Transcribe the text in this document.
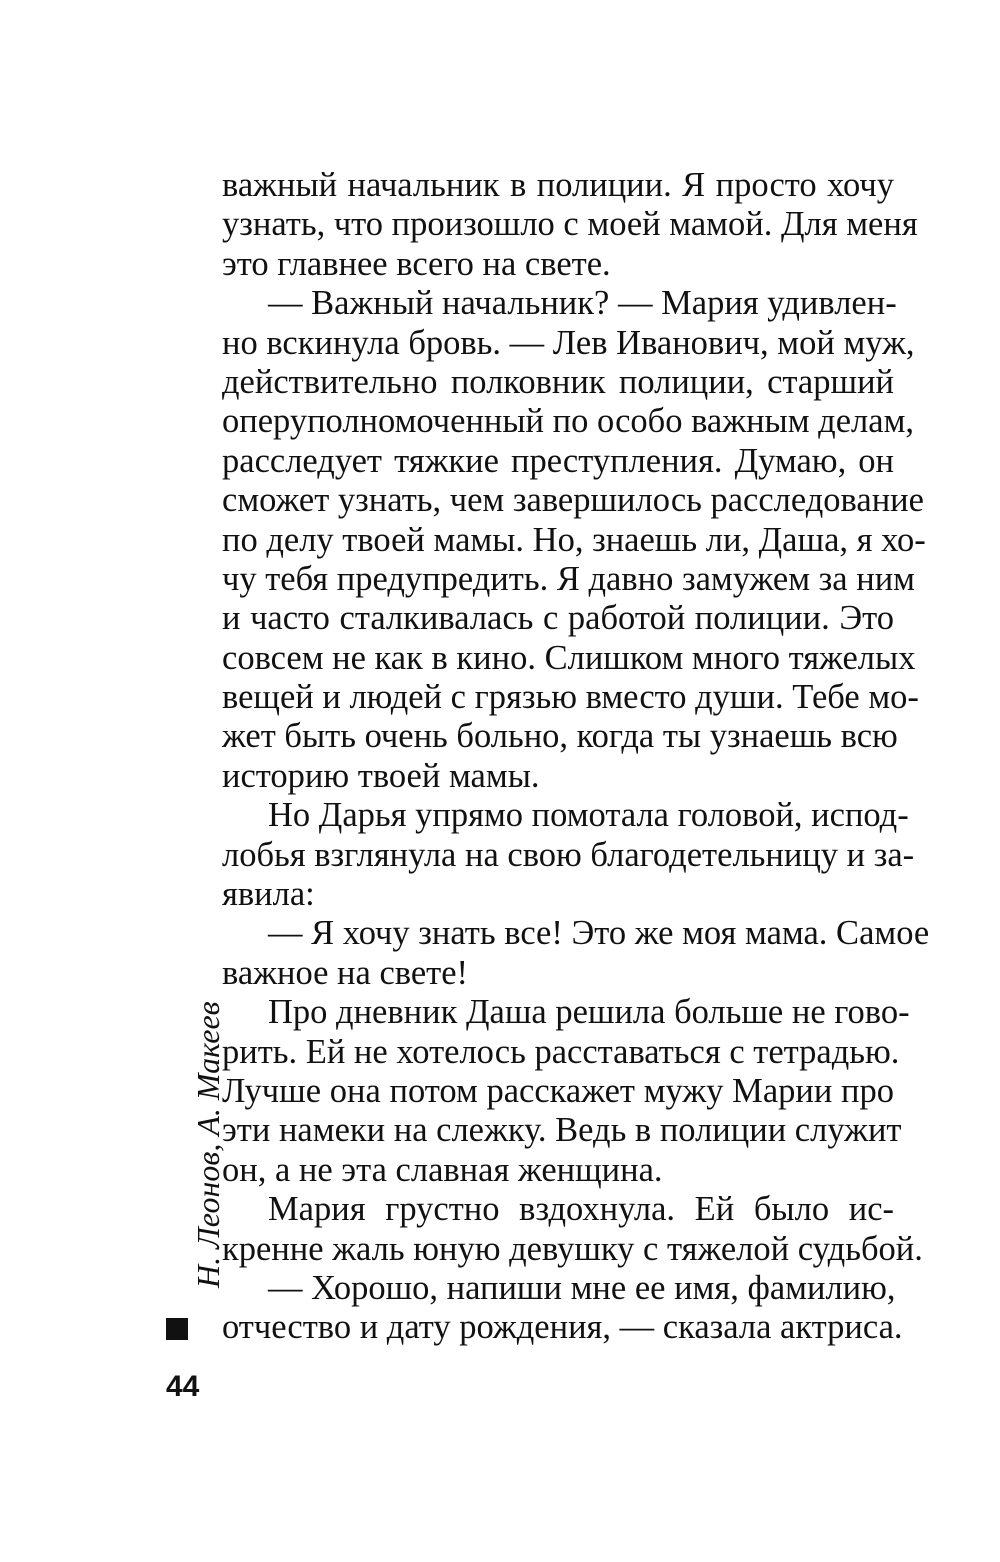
важный начальник в полиции. Я просто хочу
узнать, что произошло с моей мамой. Для меня
это главнее всего на свете.
— Важный начальник? — Мария удивлен-
но вскинула бровь. — Лев Иванович, мой муж,
действительно полковник полиции, старший
оперуполномоченный по особо важным делам,
расследует тяжкие преступления. Думаю, он
сможет узнать, чем завершилось расследование
по делу твоей мамы. Но, знаешь ли, Даша, я хо-
чу тебя предупредить. Я давно замужем за ним
и часто сталкивалась с работой полиции. Это
совсем не как в кино. Слишком много тяжелых
вещей и людей с грязью вместо души. Тебе мо-
жет быть очень больно, когда ты узнаешь всю
историю твоей мамы.
Но Дарья упрямо помотала головой, испод-
лобья взглянула на свою благодетельницу и за-
явила:
— Я хочу знать все! Это же моя мама. Самое
важное на свете!
Про дневник Даша решила больше не гово-
рить. Ей не хотелось расставаться с тетрадью.
Лучше она потом расскажет мужу Марии про
эти намеки на слежку. Ведь в полиции служит
он, а не эта славная женщина.
Мария грустно вздохнула. Ей было ис-
кренне жаль юную девушку с тяжелой судьбой.
— Хорошо, напиши мне ее имя, фамилию,
отчество и дату рождения, — сказала актриса.
Н. Леонов, А. Макеев
44
